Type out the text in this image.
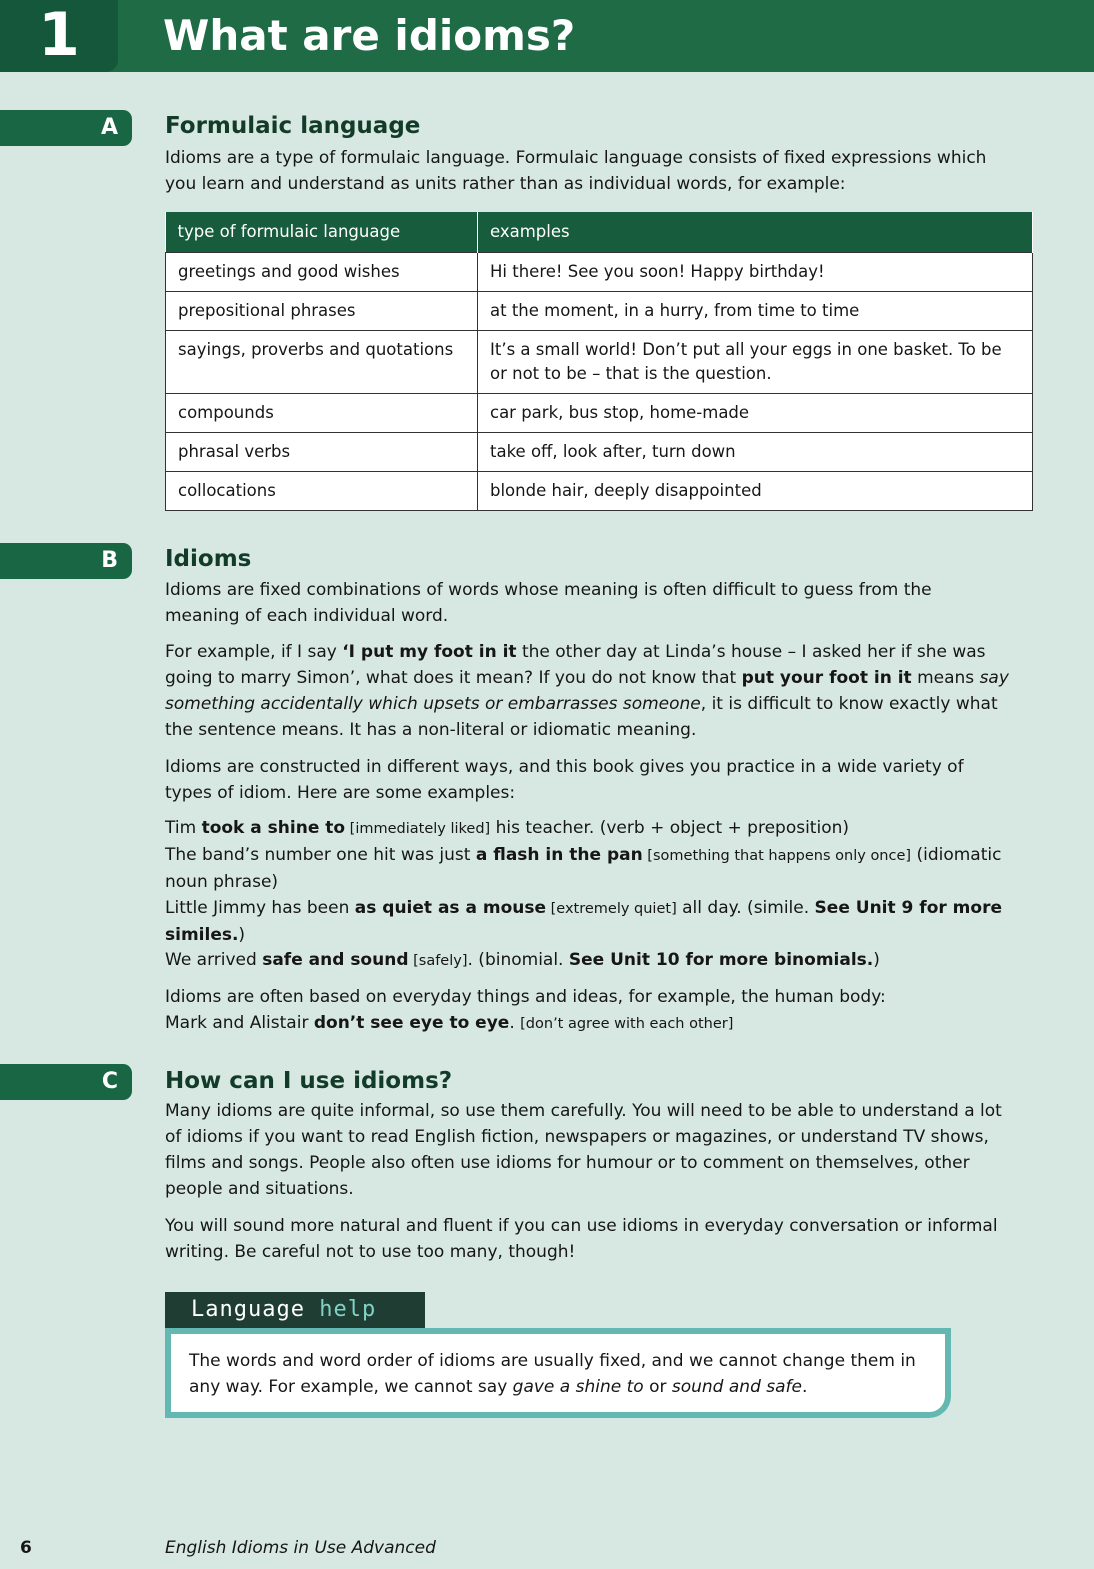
1	What are idioms?
A	Formulaic language
Idioms are a type of formulaic language. Formulaic language consists of fixed expressions which you learn and understand as units rather than as individual words, for example:
type of formulaic language	examples
greetings and good wishes	Hi there! See you soon! Happy birthday!
prepositional phrases	at the moment, in a hurry, from time to time
sayings, proverbs and quotations	It’s a small world! Don’t put all your eggs in one basket. To be or not to be – that is the question.
compounds	car park, bus stop, home-made
phrasal verbs	take off, look after, turn down
collocations	blonde hair, deeply disappointed
B	Idioms
Idioms are fixed combinations of words whose meaning is often difficult to guess from the meaning of each individual word.
For example, if I say ‘I put my foot in it the other day at Linda’s house – I asked her if she was going to marry Simon’, what does it mean? If you do not know that put your foot in it means say something accidentally which upsets or embarrasses someone, it is difficult to know exactly what the sentence means. It has a non-literal or idiomatic meaning.
Idioms are constructed in different ways, and this book gives you practice in a wide variety of types of idiom. Here are some examples:
Tim took a shine to [immediately liked] his teacher. (verb + object + preposition)
The band’s number one hit was just a flash in the pan [something that happens only once] (idiomatic noun phrase)
Little Jimmy has been as quiet as a mouse [extremely quiet] all day. (simile. See Unit 9 for more similes.)
We arrived safe and sound [safely]. (binomial. See Unit 10 for more binomials.)
Idioms are often based on everyday things and ideas, for example, the human body:
Mark and Alistair don’t see eye to eye. [don’t agree with each other]
C	How can I use idioms?
Many idioms are quite informal, so use them carefully. You will need to be able to understand a lot of idioms if you want to read English fiction, newspapers or magazines, or understand TV shows, films and songs. People also often use idioms for humour or to comment on themselves, other people and situations.
You will sound more natural and fluent if you can use idioms in everyday conversation or informal writing. Be careful not to use too many, though!
Language help
The words and word order of idioms are usually fixed, and we cannot change them in any way. For example, we cannot say gave a shine to or sound and safe.
6	English Idioms in Use Advanced
